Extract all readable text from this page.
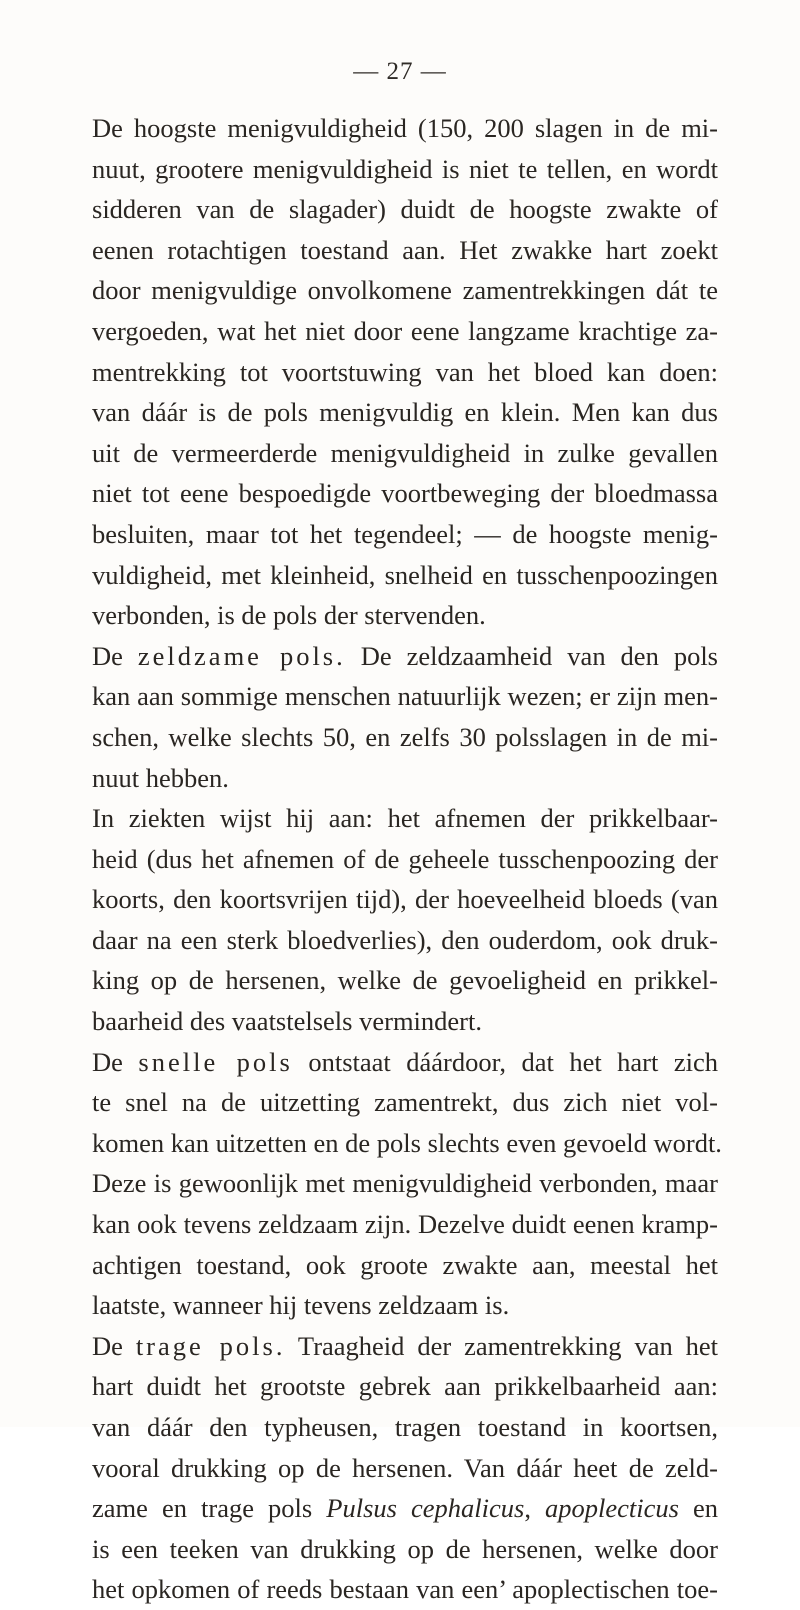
— 27 —
De hoogste menigvuldigheid (150, 200 slagen in de mi-
nuut, grootere menigvuldigheid is niet te tellen, en wordt
sidderen van de slagader) duidt de hoogste zwakte of
eenen rotachtigen toestand aan. Het zwakke hart zoekt
door menigvuldige onvolkomene zamentrekkingen dát te
vergoeden, wat het niet door eene langzame krachtige za-
mentrekking tot voortstuwing van het bloed kan doen:
van dáár is de pols menigvuldig en klein. Men kan dus
uit de vermeerderde menigvuldigheid in zulke gevallen
niet tot eene bespoedigde voortbeweging der bloedmassa
besluiten, maar tot het tegendeel; — de hoogste menig-
vuldigheid, met kleinheid, snelheid en tusschenpoozingen
verbonden, is de pols der stervenden.
De zeldzame pols. De zeldzaamheid van den pols
kan aan sommige menschen natuurlijk wezen; er zijn men-
schen, welke slechts 50, en zelfs 30 polsslagen in de mi-
nuut hebben.
In ziekten wijst hij aan: het afnemen der prikkelbaar-
heid (dus het afnemen of de geheele tusschenpoozing der
koorts, den koortsvrijen tijd), der hoeveelheid bloeds (van
daar na een sterk bloedverlies), den ouderdom, ook druk-
king op de hersenen, welke de gevoeligheid en prikkel-
baarheid des vaatstelsels vermindert.
De snelle pols ontstaat dáárdoor, dat het hart zich
te snel na de uitzetting zamentrekt, dus zich niet vol-
komen kan uitzetten en de pols slechts even gevoeld wordt.
Deze is gewoonlijk met menigvuldigheid verbonden, maar
kan ook tevens zeldzaam zijn. Dezelve duidt eenen kramp-
achtigen toestand, ook groote zwakte aan, meestal het
laatste, wanneer hij tevens zeldzaam is.
De trage pols. Traagheid der zamentrekking van het
hart duidt het grootste gebrek aan prikkelbaarheid aan:
van dáár den typheusen, tragen toestand in koortsen,
vooral drukking op de hersenen. Van dáár heet de zeld-
zame en trage pols Pulsus cephalicus, apoplecticus en
is een teeken van drukking op de hersenen, welke door
het opkomen of reeds bestaan van een’ apoplectischen toe-
